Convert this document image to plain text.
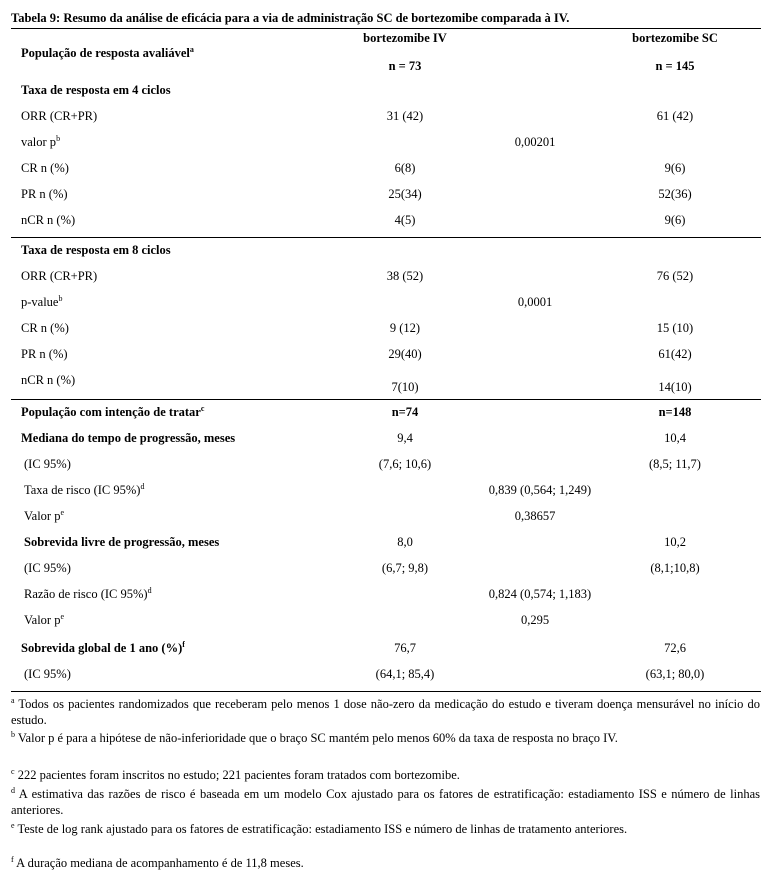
Tabela 9: Resumo da análise de eficácia para a via de administração SC de bortezomibe comparada à IV.
População de resposta avaliável$^a$
bortezomibe IV	bortezomibe SC
n = 73	n = 145
Taxa de resposta em 4 ciclos
ORR (CR+PR)	31 (42)	61 (42)
valor $p^b$	0,00201
CR n (%)	6(8)	9(6)
PR n (%)	25(34)	52(36)
nCR n (%)	4(5)	9(6)
Taxa de resposta em 8 ciclos
ORR (CR+PR)	38 (52)	76 (52)
p-value$^b$	0,0001
CR n (%)	9 (12)	15 (10)
PR n (%)	29(40)	61(42)
nCR n (%)	7(10)	14(10)
População com intenção de tratar$^c$	n=74	n=148
Mediana do tempo de progressão, meses	9,4	10,4
(IC 95%)	(7,6; 10,6)	(8,5; 11,7)
Taxa de risco (IC 95%)$^d$	0,839 (0,564; 1,249)
Valor $p^e$	0,38657
Sobrevida livre de progressão, meses	8,0	10,2
(IC 95%)	(6,7; 9,8)	(8,1;10,8)
Razão de risco (IC 95%)$^d$	0,824 (0,574; 1,183)
Valor $p^e$	0,295
Sobrevida global de 1 ano (%)$^f$	76,7	72,6
(IC 95%)	(64,1; 85,4)	(63,1; 80,0)
$^a$ Todos os pacientes randomizados que receberam pelo menos 1 dose não-zero da medicação do estudo e tiveram doença mensurável no início do estudo.
$^b$ Valor p é para a hipótese de não-inferioridade que o braço SC mantém pelo menos 60% da taxa de resposta no braço IV.
$^c$ 222 pacientes foram inscritos no estudo; 221 pacientes foram tratados com bortezomibe.
$^d$ A estimativa das razões de risco é baseada em um modelo Cox ajustado para os fatores de estratificação: estadiamento ISS e número de linhas anteriores.
$^e$ Teste de log rank ajustado para os fatores de estratificação: estadiamento ISS e número de linhas de tratamento anteriores.
$^f$ A duração mediana de acompanhamento é de 11,8 meses.
